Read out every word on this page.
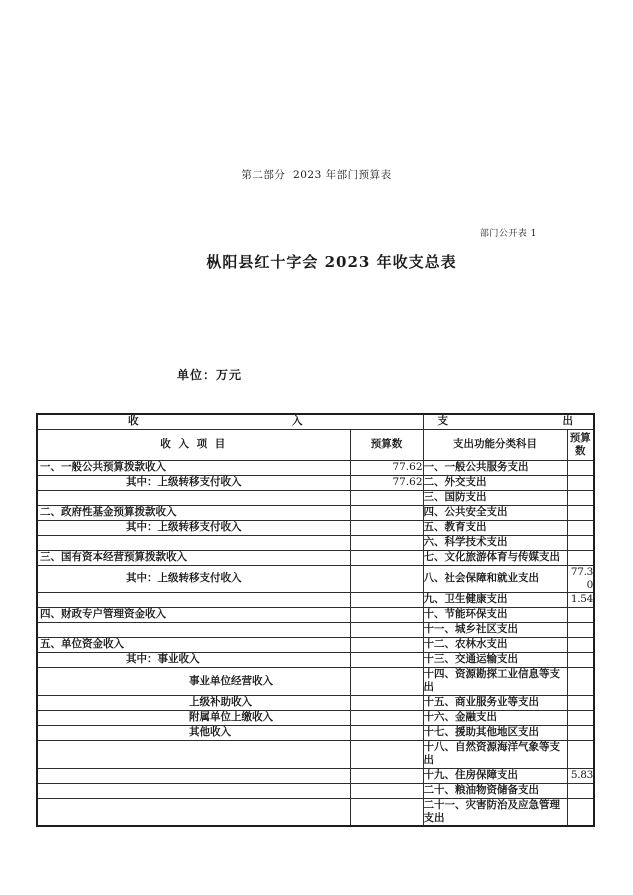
第二部分  2023 年部门预算表
部门公开表 1
枞阳县红十字会 2023 年收支总表
单位：万元
收 入		支 出	

收 入 项 目	预算数	支出功能分类科目	预算数
一、一般公共预算拨款收入	77.62	一、一般公共服务支出	
其中：上级转移支付收入	77.62	二、外交支出	
		三、国防支出	
二、政府性基金预算拨款收入		四、公共安全支出	
其中：上级转移支付收入		五、教育支出	
		六、科学技术支出	
三、国有资本经营预算拨款收入		七、文化旅游体育与传媒支出	
其中：上级转移支付收入		八、社会保障和就业支出	77.30
		九、卫生健康支出	1.54
四、财政专户管理资金收入		十、节能环保支出	
		十一、城乡社区支出	
五、单位资金收入		十二、农林水支出	
其中：事业收入		十三、交通运输支出	
事业单位经营收入		十四、资源勘探工业信息等支出	
上级补助收入		十五、商业服务业等支出	
附属单位上缴收入		十六、金融支出	
其他收入		十七、援助其他地区支出	
		十八、自然资源海洋气象等支出	
		十九、住房保障支出	5.83
		二十、粮油物资储备支出	
		二十一、灾害防治及应急管理支出	
